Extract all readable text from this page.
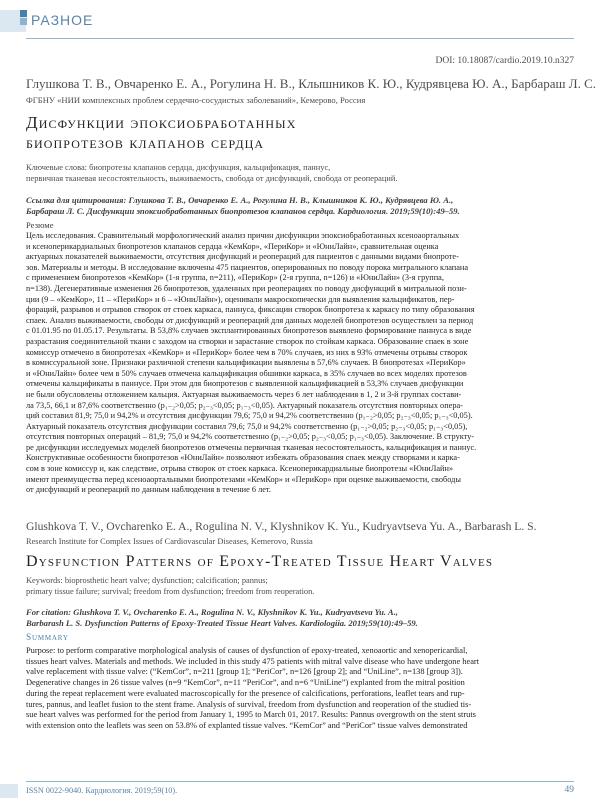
РАЗНОЕ
DOI: 10.18087/cardio.2019.10.n327
Глушкова Т. В., Овчаренко Е. А., Рогулина Н. В., Клышников К. Ю., Кудрявцева Ю. А., Барбараш Л. С.
ФГБНУ «НИИ комплексных проблем сердечно-сосудистых заболеваний», Кемерово, Россия
Дисфункции эпоксиобработанных
биопротезов клапанов сердца
Ключевые слова: биопротезы клапанов сердца, дисфункция, кальцификация, паннус,
первичная тканевая несостоятельность, выживаемость, свобода от дисфункций, свобода от реопераций.
Ссылка для цитирования: Глушкова Т. В., Овчаренко Е. А., Рогулина Н. В., Клышников К. Ю., Кудрявцева Ю. А.,
Барбараш Л. С. Дисфункции эпоксиобработанных биопротезов клапанов сердца. Кардиология. 2019;59(10):49–59.
Резюме
Цель исследования. Сравнительный морфологический анализ причин дисфункции эпоксиобработанных ксеноаортальных
и ксеноперикардиальных биопротезов клапанов сердца «КемКор», «ПериКор» и «ЮниЛайн», сравнительная оценка
актуарных показателей выживаемости, отсутствия дисфункций и реопераций для пациентов с данными видами биопроте-
зов. Материалы и методы. В исследование включены 475 пациентов, оперированных по поводу порока митрального клапана
с применением биопротезов «КемКор» (1‑я группа, n=211), «ПериКор» (2‑я группа, n=126) и «ЮниЛайн» (3‑я группа,
n=138). Дегенеративные изменения 26 биопротезов, удаленных при реоперациях по поводу дисфункций в митральной пози-
ции (9 – «КемКор», 11 – «ПериКор» и 6 – «ЮниЛайн»), оценивали макроскопически для выявления кальцификатов, пер-
фораций, разрывов и отрывов створок от стоек каркаса, паннуса, фиксации створок биопротеза к каркасу по типу образования
спаек. Анализ выживаемости, свободы от дисфункций и реопераций для данных моделей биопротезов осуществлен за период
с 01.01.95 по 01.05.17. Результаты. В 53,8% случаев эксплантированных биопротезов выявлено формирование паннуса в виде
разрастания соединительной ткани с заходом на створки и зарастание створок по стойкам каркаса. Образование спаек в зоне
комиссур отмечено в биопротезах «КемКор» и «ПериКор» более чем в 70% случаев, из них в 93% отмечены отрывы створок
в комиссуральной зоне. Признаки различной степени кальцификации выявлены в 57,6% случаев. В биопротезах «ПериКор»
и «ЮниЛайн» более чем в 50% случаев отмечена кальцификация обшивки каркаса, в 35% случаев во всех моделях протезов
отмечены кальцификаты в паннусе. При этом для биопротезов с выявленной кальцификацией в 53,3% случаев дисфункции
не были обусловлены отложением кальция. Актуарная выживаемость через 6 лет наблюдения в 1, 2 и 3‑й группах состави-
ла 73,5, 66,1 и 87,6% соответственно (p₁₋₂>0,05; p₂₋₃<0,05; p₁₋₃<0,05). Актуарный показатель отсутствия повторных опера-
ций составил 81,9; 75,0 и 94,2% и отсутствия дисфункции 79,6; 75,0 и 94,2% соответственно (p₁₋₂>0,05; p₂₋₃<0,05; p₁₋₃<0,05).
Актуарный показатель отсутствия дисфункции составил 79,6; 75,0 и 94,2% соответственно (p₁₋₂>0,05; p₂₋₃<0,05; p₁₋₃<0,05),
отсутствия повторных операций – 81,9; 75,0 и 94,2% соответственно (p₁₋₂>0,05; p₂₋₃<0,05; p₁₋₃<0,05). Заключение. В структу-
ре дисфункции исследуемых моделей биопротезов отмечены первичная тканевая несостоятельность, кальцификация и паннус.
Конструктивные особенности биопротезов «ЮниЛайн» позволяют избежать образования спаек между створками и карка-
сом в зоне комиссур и, как следствие, отрыва створок от стоек каркаса. Ксеноперикардиальные биопротезы «ЮниЛайн»
имеют преимущества перед ксеноаортальными биопротезами «КемКор» и «ПериКор» при оценке выживаемости, свободы
от дисфункций и реопераций по данным наблюдения в течение 6 лет.
Glushkova T. V., Ovcharenko E. A., Rogulina N. V., Klyshnikov K. Yu., Kudryavtseva Yu. A., Barbarash L. S.
Research Institute for Complex Issues of Cardiovascular Diseases, Kemerovo, Russia
Dysfunction Patterns of Epoxy-Treated Tissue Heart Valves
Keywords: bioprosthetic heart valve; dysfunction; calcification; pannus;
primary tissue failure; survival; freedom from dysfunction; freedom from reoperation.
For citation: Glushkova T. V., Ovcharenko E. A., Rogulina N. V., Klyshnikov K. Yu., Kudryavtseva Yu. A.,
Barbarash L. S. Dysfunction Patterns of Epoxy-Treated Tissue Heart Valves. Kardiologiia. 2019;59(10):49–59.
Summary
Purpose: to perform comparative morphological analysis of causes of dysfunction of epoxy-treated, xenoaortic and xenopericardial,
tissues heart valves. Materials and methods. We included in this study 475 patients with mitral valve disease who have undergone heart
valve replacement with tissue valve: (“KemCor”, n=211 [group 1]; “PeriCor”, n=126 [group 2]; and “UniLine”, n=138 [group 3]).
Degenerative changes in 26 tissue valves (n=9 “KemCor”, n=11 “PeriCor”, and n=6 “UniLine”) explanted from the mitral position
during the repeat replacement were evaluated macroscopically for the presence of calcifications, perforations, leaflet tears and rup-
tures, pannus, and leaflet fusion to the stent frame. Analysis of survival, freedom from dysfunction and reoperation of the studied tis-
sue heart valves was performed for the period from January 1, 1995 to March 01, 2017. Results: Pannus overgrowth on the stent struts
with extension onto the leaflets was seen on 53.8% of explanted tissue valves. “KemCor” and “PeriCor” tissue valves demonstrated
ISSN 0022-9040. Кардиология. 2019;59(10).	49
